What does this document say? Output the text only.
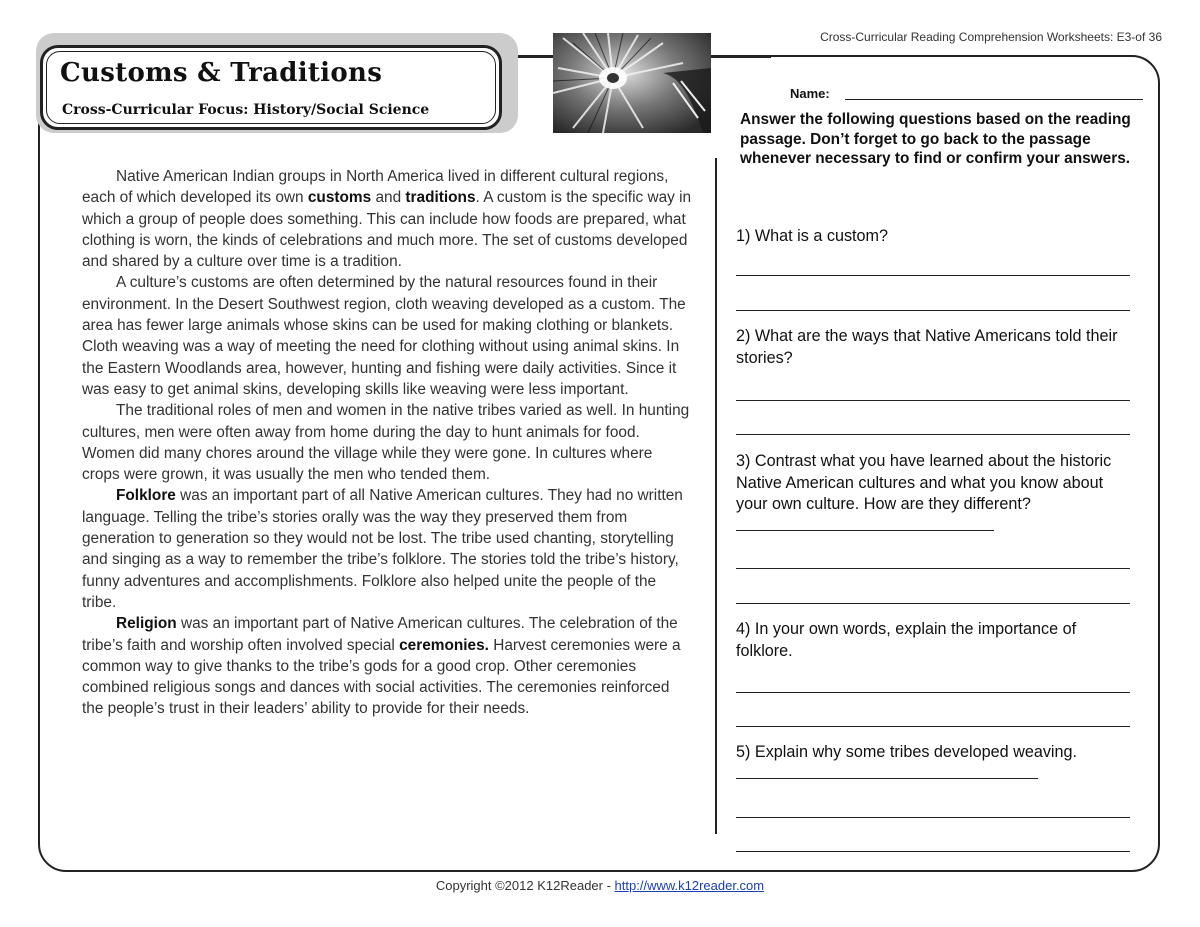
Cross-Curricular Reading Comprehension Worksheets: E3-of 36
Customs & Traditions
Cross-Curricular Focus: History/Social Science

Native American Indian groups in North America lived in different cultural regions, each of which developed its own customs and traditions. A custom is the specific way in which a group of people does something. This can include how foods are prepared, what clothing is worn, the kinds of celebrations and much more. The set of customs developed and shared by a culture over time is a tradition.

A culture’s customs are often determined by the natural resources found in their environment. In the Desert Southwest region, cloth weaving developed as a custom. The area has fewer large animals whose skins can be used for making clothing or blankets. Cloth weaving was a way of meeting the need for clothing without using animal skins. In the Eastern Woodlands area, however, hunting and fishing were daily activities. Since it was easy to get animal skins, developing skills like weaving were less important.

The traditional roles of men and women in the native tribes varied as well. In hunting cultures, men were often away from home during the day to hunt animals for food. Women did many chores around the village while they were gone. In cultures where crops were grown, it was usually the men who tended them.

Folklore was an important part of all Native American cultures. They had no written language. Telling the tribe’s stories orally was the way they preserved them from generation to generation so they would not be lost. The tribe used chanting, storytelling and singing as a way to remember the tribe’s folklore. The stories told the tribe’s history, funny adventures and accomplishments. Folklore also helped unite the people of the tribe.

Religion was an important part of Native American cultures. The celebration of the tribe’s faith and worship often involved special ceremonies. Harvest ceremonies were a common way to give thanks to the tribe’s gods for a good crop. Other ceremonies combined religious songs and dances with social activities. The ceremonies reinforced the people’s trust in their leaders’ ability to provide for their needs.

Name:
Answer the following questions based on the reading passage. Don’t forget to go back to the passage whenever necessary to find or confirm your answers.
1) What is a custom?
2) What are the ways that Native Americans told their stories?
3) Contrast what you have learned about the historic Native American cultures and what you know about your own culture. How are they different?
4) In your own words, explain the importance of folklore.
5) Explain why some tribes developed weaving.
Copyright ©2012 K12Reader - http://www.k12reader.com
